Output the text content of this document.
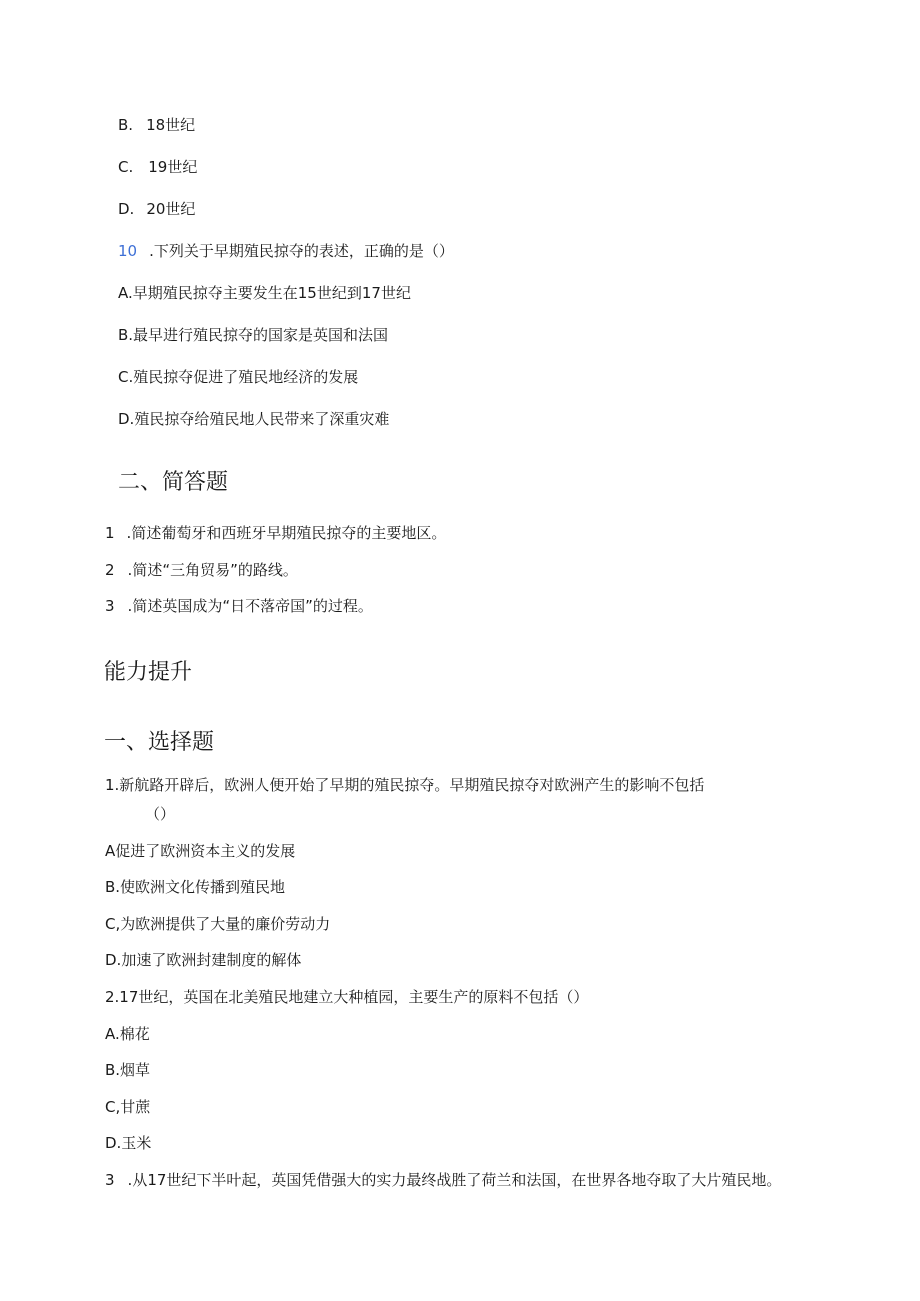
B. 18世纪
C. 19世纪
D. 20世纪
10 .下列关于早期殖民掠夺的表述，正确的是（）
A.早期殖民掠夺主要发生在15世纪到17世纪
B.最早进行殖民掠夺的国家是英国和法国
C.殖民掠夺促进了殖民地经济的发展
D.殖民掠夺给殖民地人民带来了深重灾难
二、简答题
1 .简述葡萄牙和西班牙早期殖民掠夺的主要地区。
2 .简述“三角贸易”的路线。
3 .简述英国成为“日不落帝国”的过程。
能力提升
一、选择题
1.新航路开辟后，欧洲人便开始了早期的殖民掠夺。早期殖民掠夺对欧洲产生的影响不包括
（）
A促进了欧洲资本主义的发展
B.使欧洲文化传播到殖民地
C,为欧洲提供了大量的廉价劳动力
D.加速了欧洲封建制度的解体
2.17世纪，英国在北美殖民地建立大种植园，主要生产的原料不包括（）
A.棉花
B.烟草
C,甘蔗
D.玉米
3 .从17世纪下半叶起，英国凭借强大的实力最终战胜了荷兰和法国，在世界各地夺取了大片殖民地。
